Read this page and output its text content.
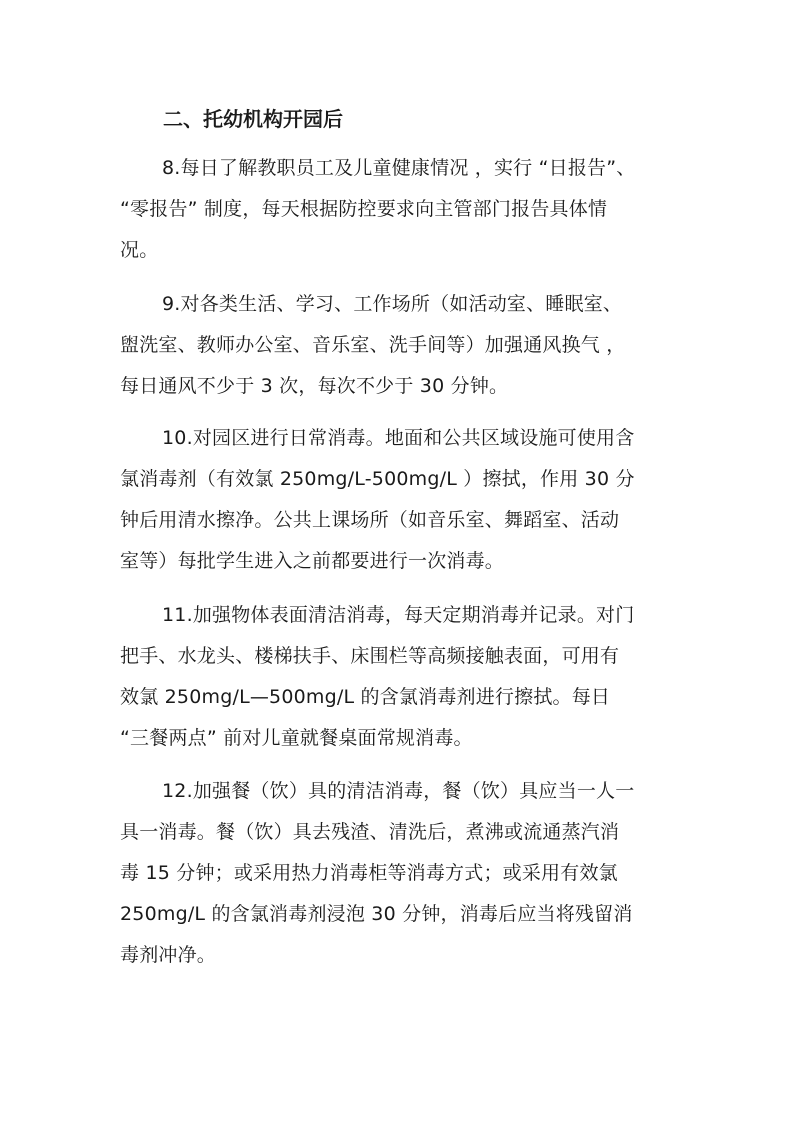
二、托幼机构开园后
8.每日了解教职员工及儿童健康情况 ，实行 “日报告”、
“零报告” 制度，每天根据防控要求向主管部门报告具体情
况。
9.对各类生活、学习、工作场所（如活动室、睡眠室、
盥洗室、教师办公室、音乐室、洗手间等）加强通风换气 ，
每日通风不少于 3 次，每次不少于 30 分钟。
10.对园区进行日常消毒。地面和公共区域设施可使用含
氯消毒剂（有效氯 250mg/L-500mg/L ）擦拭，作用 30 分
钟后用清水擦净。公共上课场所（如音乐室、舞蹈室、活动
室等）每批学生进入之前都要进行一次消毒。
11.加强物体表面清洁消毒，每天定期消毒并记录。对门
把手、水龙头、楼梯扶手、床围栏等高频接触表面，可用有
效氯 250mg/L—500mg/L 的含氯消毒剂进行擦拭。每日
“三餐两点” 前对儿童就餐桌面常规消毒。
12.加强餐（饮）具的清洁消毒，餐（饮）具应当一人一
具一消毒。餐（饮）具去残渣、清洗后，煮沸或流通蒸汽消
毒 15 分钟；或采用热力消毒柜等消毒方式；或采用有效氯
250mg/L 的含氯消毒剂浸泡 30 分钟，消毒后应当将残留消
毒剂冲净。
